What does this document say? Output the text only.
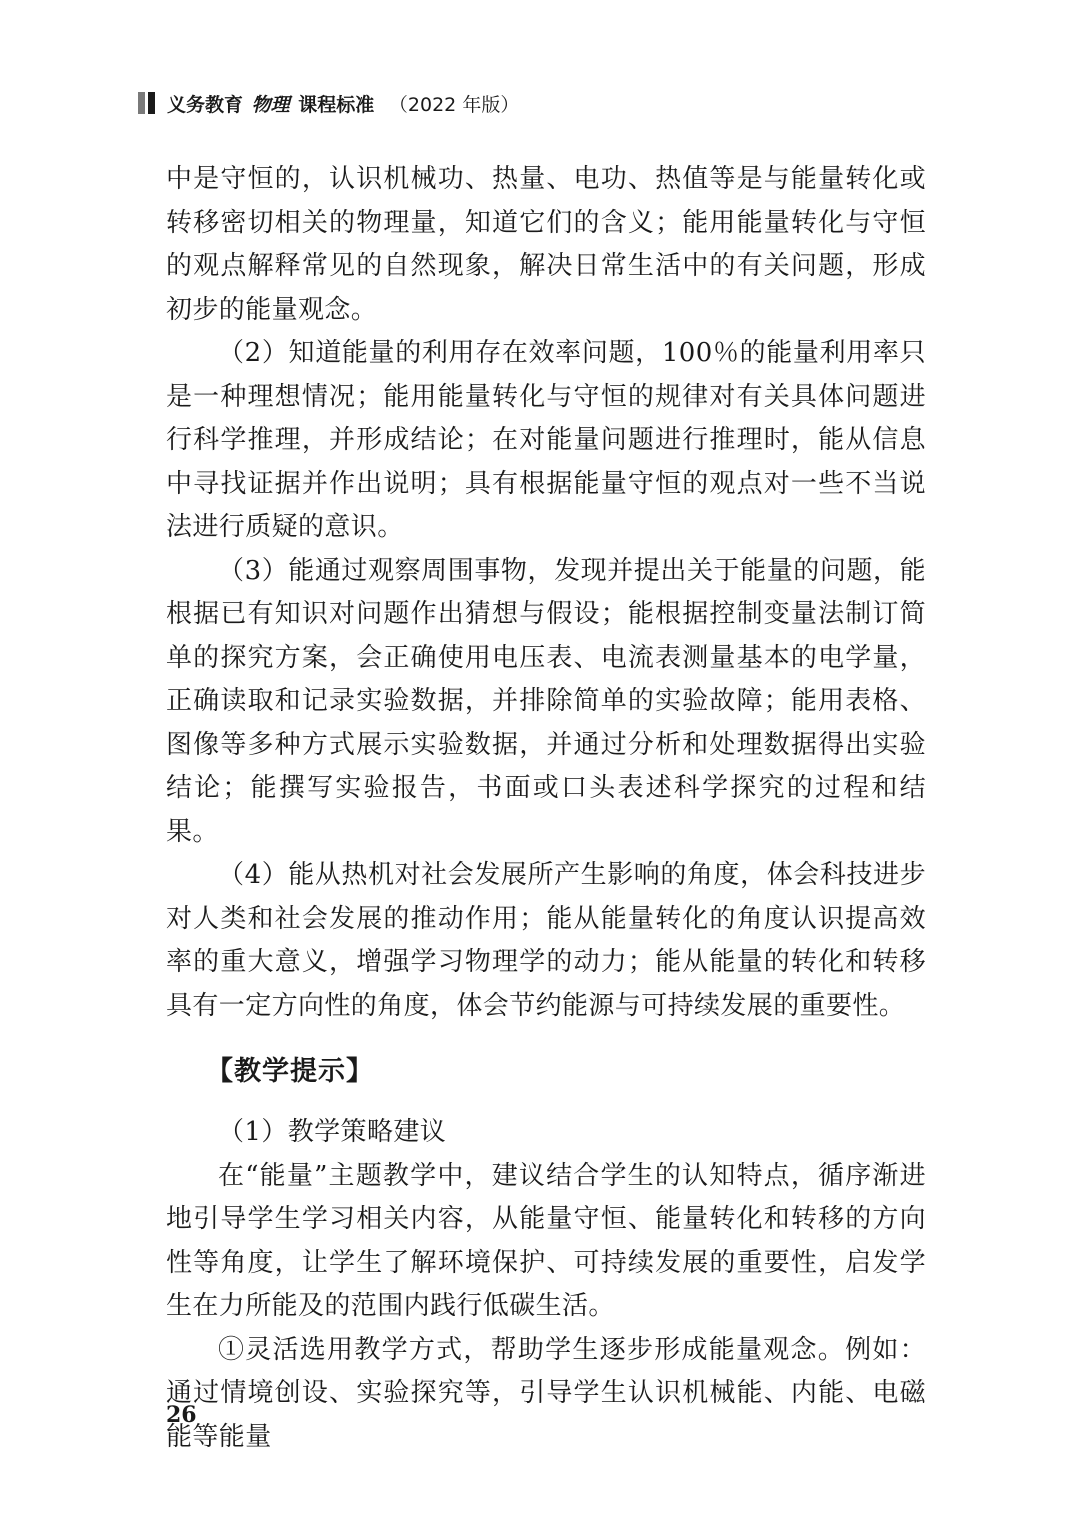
义务教育 物理 课程标准 （2022 年版）

中是守恒的，认识机械功、热量、电功、热值等是与能量转化或转移密切相关的物理量，知道它们的含义；能用能量转化与守恒的观点解释常见的自然现象，解决日常生活中的有关问题，形成初步的能量观念。

（2）知道能量的利用存在效率问题，100％的能量利用率只是一种理想情况；能用能量转化与守恒的规律对有关具体问题进行科学推理，并形成结论；在对能量问题进行推理时，能从信息中寻找证据并作出说明；具有根据能量守恒的观点对一些不当说法进行质疑的意识。

（3）能通过观察周围事物，发现并提出关于能量的问题，能根据已有知识对问题作出猜想与假设；能根据控制变量法制订简单的探究方案，会正确使用电压表、电流表测量基本的电学量，正确读取和记录实验数据，并排除简单的实验故障；能用表格、图像等多种方式展示实验数据，并通过分析和处理数据得出实验结论；能撰写实验报告，书面或口头表述科学探究的过程和结果。

（4）能从热机对社会发展所产生影响的角度，体会科技进步对人类和社会发展的推动作用；能从能量转化的角度认识提高效率的重大意义，增强学习物理学的动力；能从能量的转化和转移具有一定方向性的角度，体会节约能源与可持续发展的重要性。

【教学提示】

（1）教学策略建议

在“能量”主题教学中，建议结合学生的认知特点，循序渐进地引导学生学习相关内容，从能量守恒、能量转化和转移的方向性等角度，让学生了解环境保护、可持续发展的重要性，启发学生在力所能及的范围内践行低碳生活。

①灵活选用教学方式，帮助学生逐步形成能量观念。例如：通过情境创设、实验探究等，引导学生认识机械能、内能、电磁能等能量

26
